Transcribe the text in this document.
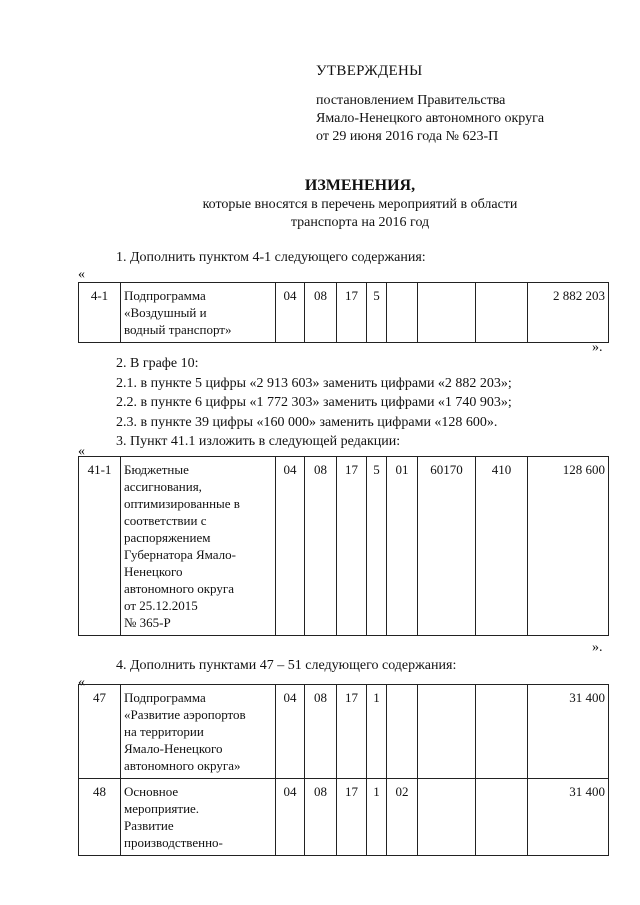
УТВЕРЖДЕНЫ
постановлением Правительства
Ямало-Ненецкого автономного округа
от 29 июня 2016 года № 623-П
ИЗМЕНЕНИЯ,
которые вносятся в перечень мероприятий в области
транспорта на 2016 год
1. Дополнить пунктом 4-1 следующего содержания:
«
4-1	Подпрограмма
«Воздушный и
водный транспорт»
	04	08	17	5				2 882 203
».
2. В графе 10:
2.1. в пункте 5 цифры «2 913 603» заменить цифрами «2 882 203»;
2.2. в пункте 6 цифры «1 772 303» заменить цифрами «1 740 903»;
2.3. в пункте 39 цифры «160 000» заменить цифрами «128 600».
3. Пункт 41.1 изложить в следующей редакции:
«
41-1	Бюджетные
ассигнования,
оптимизированные в
соответствии с
распоряжением
Губернатора Ямало-
Ненецкого
автономного округа
от 25.12.2015
№ 365-Р
	04	08	17	5	01	60170	410	128 600
».
4. Дополнить пунктами 47 – 51 следующего содержания:
«
47	Подпрограмма
«Развитие аэропортов
на территории
Ямало-Ненецкого
автономного округа»	04	08	17	1				31 400
48	Основное
мероприятие.
Развитие
производственно-	04	08	17	1	02			31 400
